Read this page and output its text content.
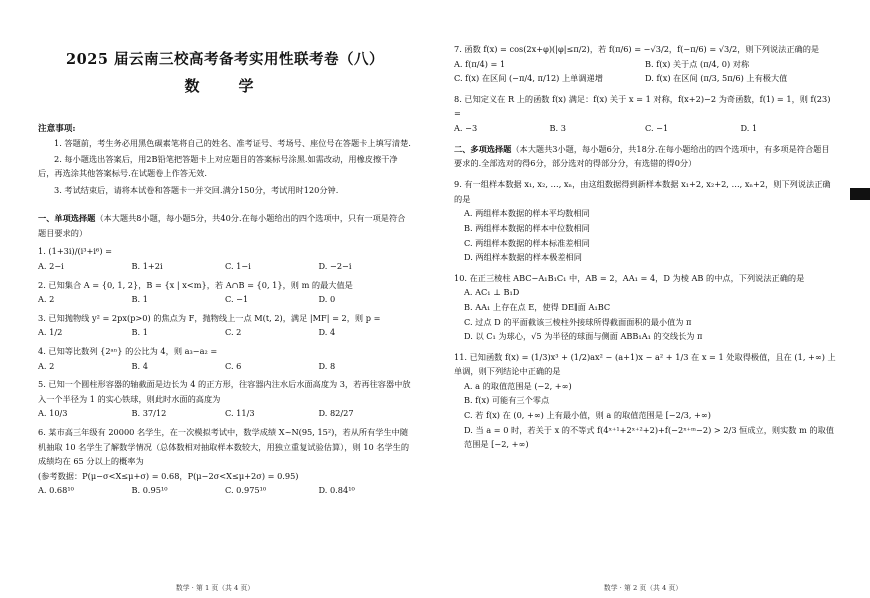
2025 届云南三校高考备考实用性联考卷（八）
数　学
注意事项:
1. 答题前，考生务必用黑色碳素笔将自己的姓名、准考证号、考场号、座位号在答题卡上填写清楚.
2. 每小题选出答案后，用2B铅笔把答题卡上对应题目的答案标号涂黑.如需改动，用橡皮擦干净后，再选涂其他答案标号.在试题卷上作答无效.
3. 考试结束后，请将本试卷和答题卡一并交回.满分150分，考试用时120分钟.
一、单项选择题（本大题共8小题，每小题5分，共40分.在每小题给出的四个选项中，只有一项是符合题目要求的）
1. (1+3i)/(i³+i⁶) =
A. 2−i	B. 1+2i	C. 1−i	D. −2−i
2. 已知集合 A = {0, 1, 2}，B = {x | x<m}，若 A∩B = {0, 1}，则 m 的最大值是
A. 2	B. 1	C. −1	D. 0
3. 已知抛物线 y² = 2px(p>0) 的焦点为 F，抛物线上一点 M(t, 2)，满足 |MF| = 2，则 p =
A. 1/2	B. 1	C. 2	D. 4
4. 已知等比数列 {2ᵃⁿ} 的公比为 4，则 a₃−a₂ =
A. 2	B. 4	C. 6	D. 8
5. 已知一个圆柱形容器的轴截面是边长为 4 的正方形，往容器内注水后水面高度为 3，若再往容器中放入一个半径为 1 的实心铁球，则此时水面的高度为
A. 10/3	B. 37/12	C. 11/3	D. 82/27
6. 某市高三年级有 20000 名学生，在一次模拟考试中，数学成绩 X~N(95, 15²)，若从所有学生中随机抽取 10 名学生了解数学情况（总体数相对抽取样本数较大，用独立重复试验估算），则 10 名学生的成绩均在 65 分以上的概率为
(参考数据：P(μ−σ<X≤μ+σ) = 0.68，P(μ−2σ<X≤μ+2σ) = 0.95)
A. 0.68¹⁰	B. 0.95¹⁰	C. 0.975¹⁰	D. 0.84¹⁰
数学 · 第 1 页（共 4 页）
7. 函数 f(x) = cos(2x+φ)(|φ|≤π/2)，若 f(π/6) = −√3/2，f(−π/6) = √3/2，则下列说法正确的是
A. f(π/4) = 1	B. f(x) 关于点 (π/4, 0) 对称
C. f(x) 在区间 (−π/4, π/12) 上单调递增	D. f(x) 在区间 (π/3, 5π/6) 上有极大值
8. 已知定义在 R 上的函数 f(x) 满足：f(x) 关于 x = 1 对称，f(x+2)−2 为奇函数，f(1) = 1，则 f(23) =
A. −3	B. 3	C. −1	D. 1
二、多项选择题（本大题共3小题，每小题6分，共18分.在每小题给出的四个选项中，有多项是符合题目要求的.全部选对的得6分，部分选对的得部分分，有选错的得0分）
9. 有一组样本数据 x₁, x₂, …, xₙ，由这组数据得到新样本数据 x₁+2, x₂+2, …, xₙ+2，则下列说法正确的是
A. 两组样本数据的样本平均数相同
B. 两组样本数据的样本中位数相同
C. 两组样本数据的样本标准差相同
D. 两组样本数据的样本极差相同
10. 在正三棱柱 ABC−A₁B₁C₁ 中，AB = 2，AA₁ = 4，D 为棱 AB 的中点，下列说法正确的是
A. AC₁ ⊥ B₁D
B. AA₁ 上存在点 E，使得 DE∥面 A₁BC
C. 过点 D 的平面截该三棱柱外接球所得截面面积的最小值为 π
D. 以 C₁ 为球心，√5 为半径的球面与侧面 ABB₁A₁ 的交线长为 π
11. 已知函数 f(x) = (1/3)x³ + (1/2)ax² − (a+1)x − a² + 1/3 在 x = 1 处取得极值，且在 (1, +∞) 上单调，则下列结论中正确的是
A. a 的取值范围是 (−2, +∞)
B. f(x) 可能有三个零点
C. 若 f(x) 在 (0, +∞) 上有最小值，则 a 的取值范围是 [−2/3, +∞)
D. 当 a = 0 时，若关于 x 的不等式 f(4ˣ⁺¹+2ˣ⁺²+2)+f(−2ˣ⁺ᵐ−2) > 2/3 恒成立，则实数 m 的取值范围是 [−2, +∞)
数学 · 第 2 页（共 4 页）
